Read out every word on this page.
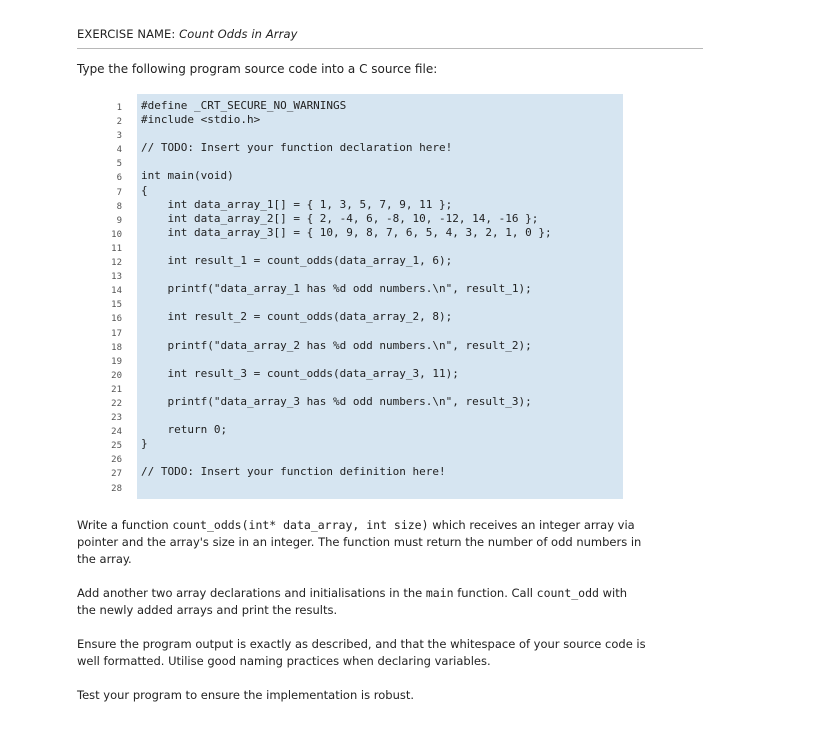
EXERCISE NAME: Count Odds in Array
Type the following program source code into a C source file:
1
2
3
4
5
6
7
8
9
10
11
12
13
14
15
16
17
18
19
20
21
22
23
24
25
26
27
28
#define _CRT_SECURE_NO_WARNINGS
#include <stdio.h>
// TODO: Insert your function declaration here!
int main(void)
{
int data_array_1[] = { 1, 3, 5, 7, 9, 11 };
int data_array_2[] = { 2, -4, 6, -8, 10, -12, 14, -16 };
int data_array_3[] = { 10, 9, 8, 7, 6, 5, 4, 3, 2, 1, 0 };
int result_1 = count_odds(data_array_1, 6);
printf("data_array_1 has %d odd numbers.\n", result_1);
int result_2 = count_odds(data_array_2, 8);
printf("data_array_2 has %d odd numbers.\n", result_2);
int result_3 = count_odds(data_array_3, 11);
printf("data_array_3 has %d odd numbers.\n", result_3);
return 0;
}
// TODO: Insert your function definition here!
Write a function count_odds(int* data_array, int size) which receives an integer array via pointer and the array's size in an integer. The function must return the number of odd numbers in the array.
Add another two array declarations and initialisations in the main function. Call count_odd with the newly added arrays and print the results.
Ensure the program output is exactly as described, and that the whitespace of your source code is well formatted. Utilise good naming practices when declaring variables.
Test your program to ensure the implementation is robust.
